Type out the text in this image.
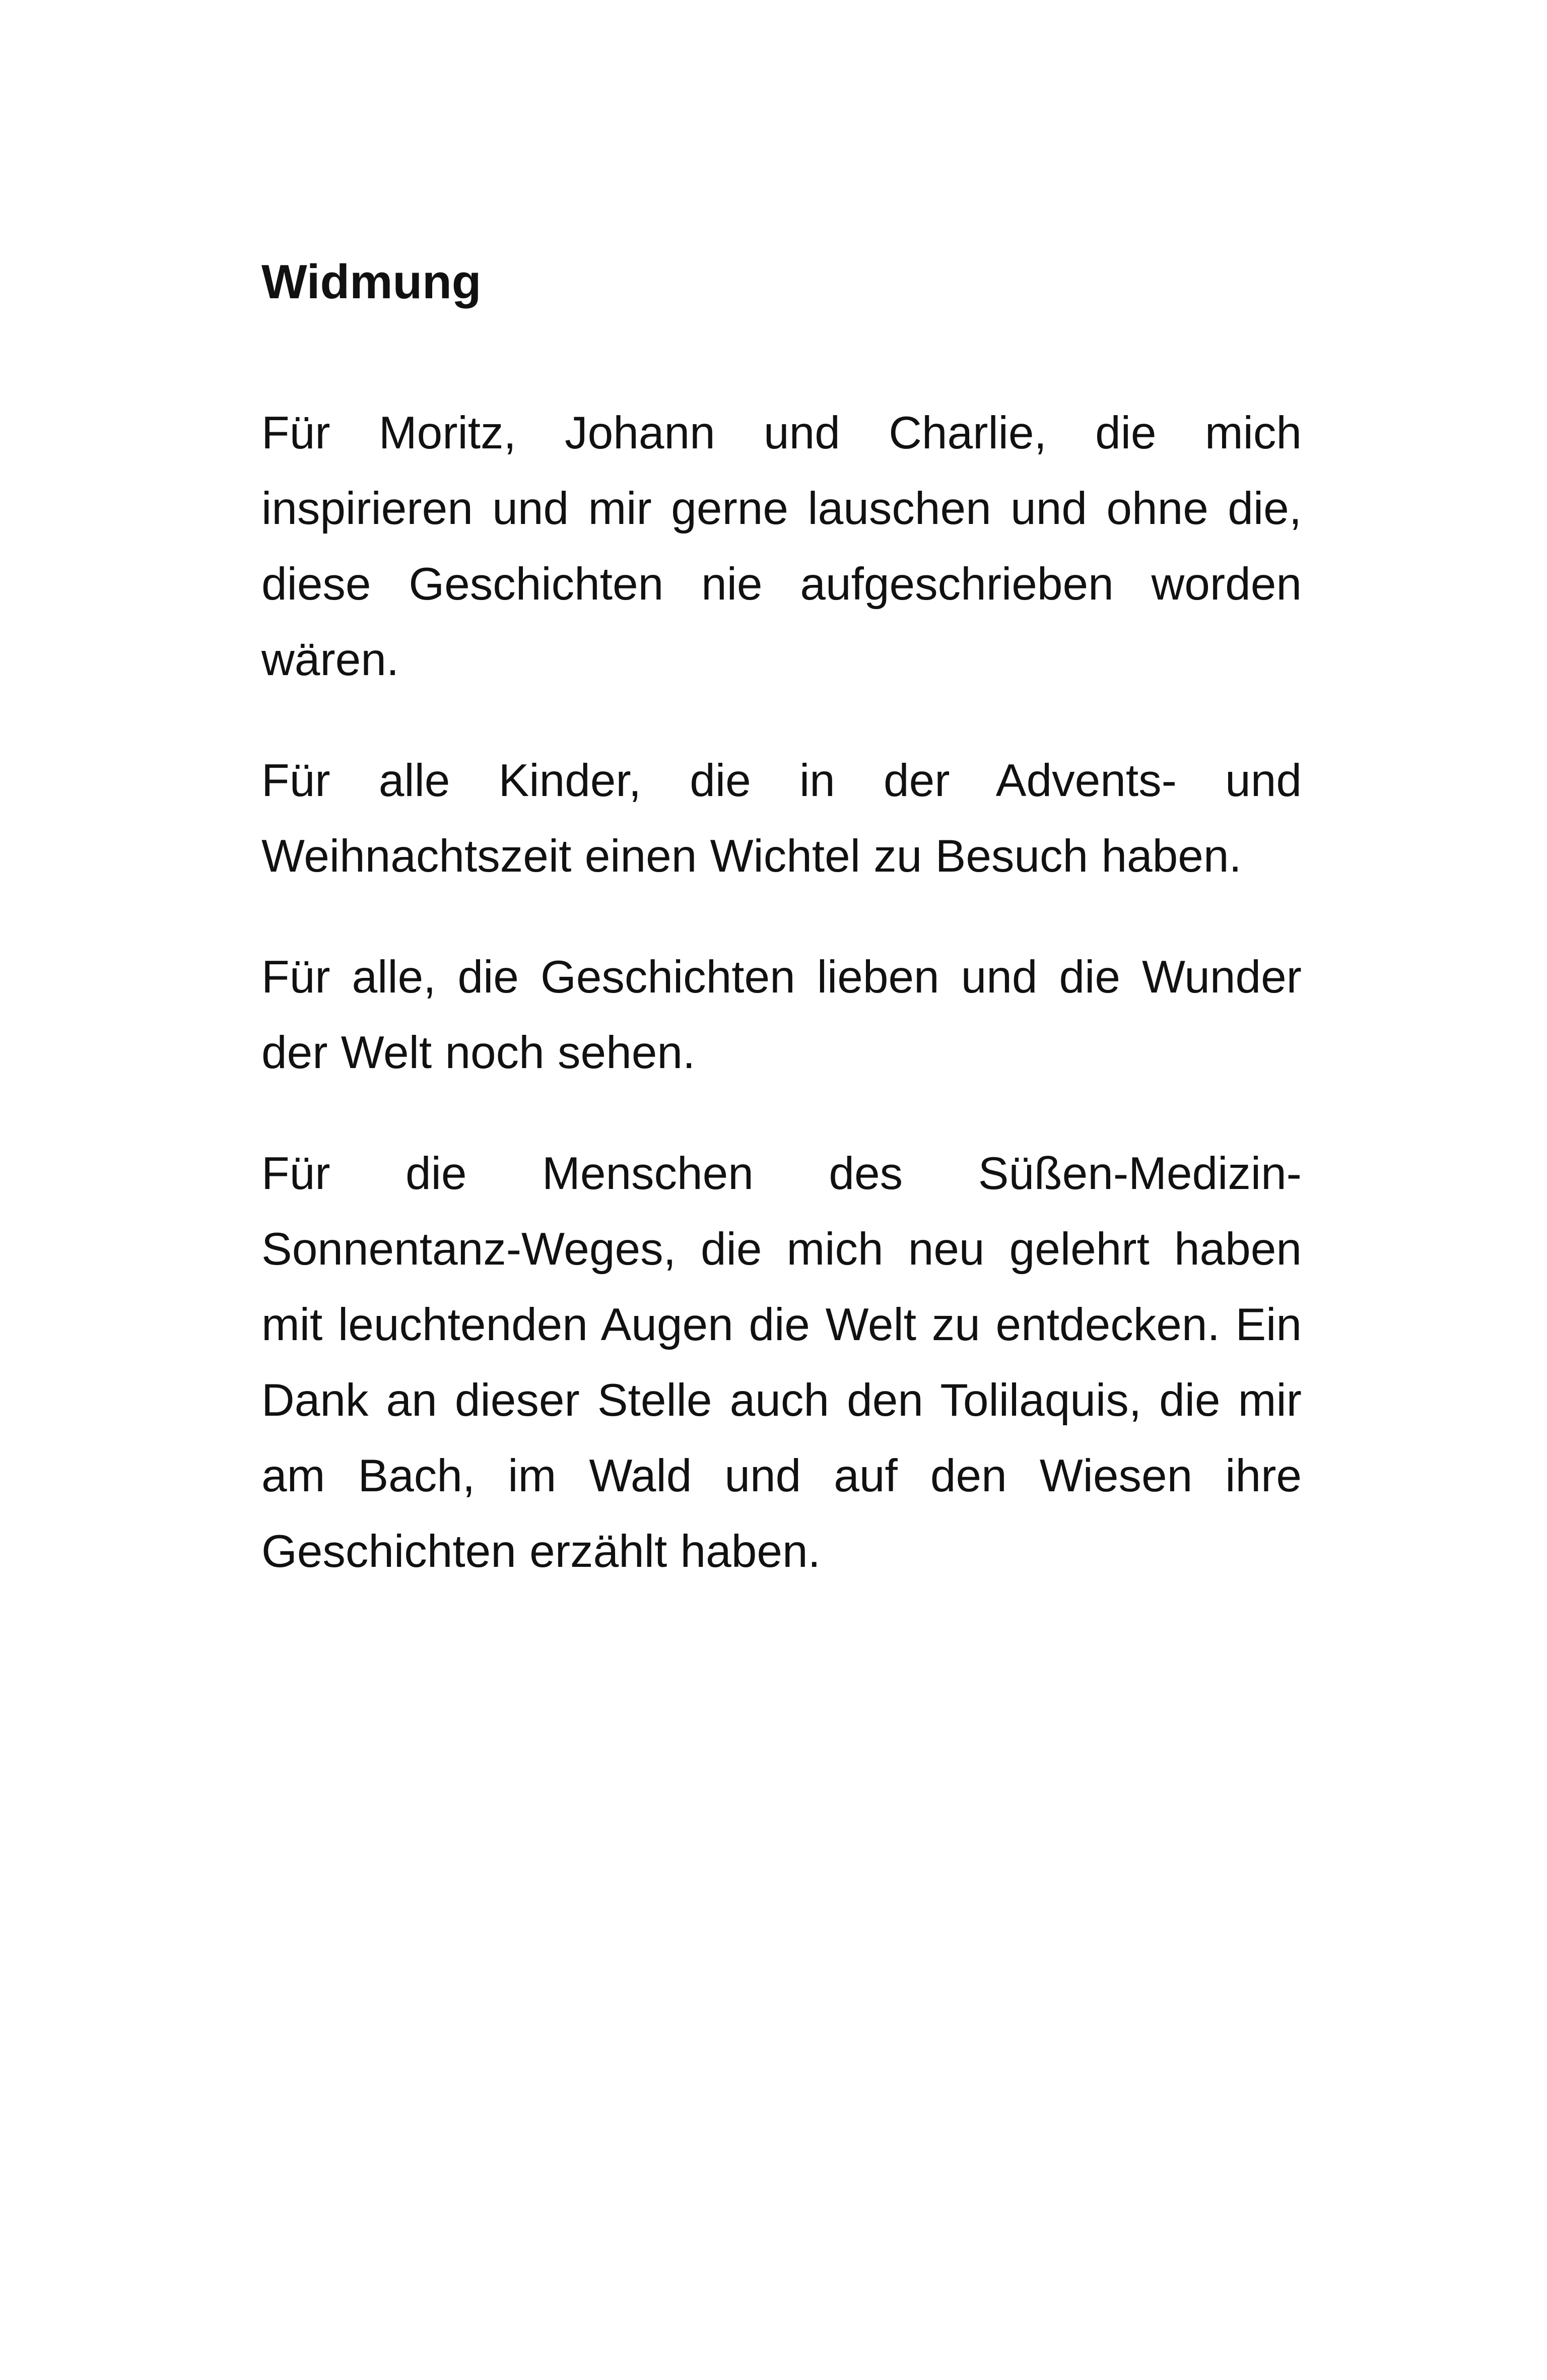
Widmung

Für Moritz, Johann und Charlie, die mich inspirieren und mir gerne lauschen und ohne die, diese Geschichten nie aufgeschrieben worden wären.

Für alle Kinder, die in der Advents- und Weihnachtszeit einen Wichtel zu Besuch haben.

Für alle, die Geschichten lieben und die Wunder der Welt noch sehen.

Für die Menschen des Süßen-Medizin-Sonnentanz-Weges, die mich neu gelehrt haben mit leuchtenden Augen die Welt zu entdecken. Ein Dank an dieser Stelle auch den Tolilaquis, die mir am Bach, im Wald und auf den Wiesen ihre Geschichten erzählt haben.
